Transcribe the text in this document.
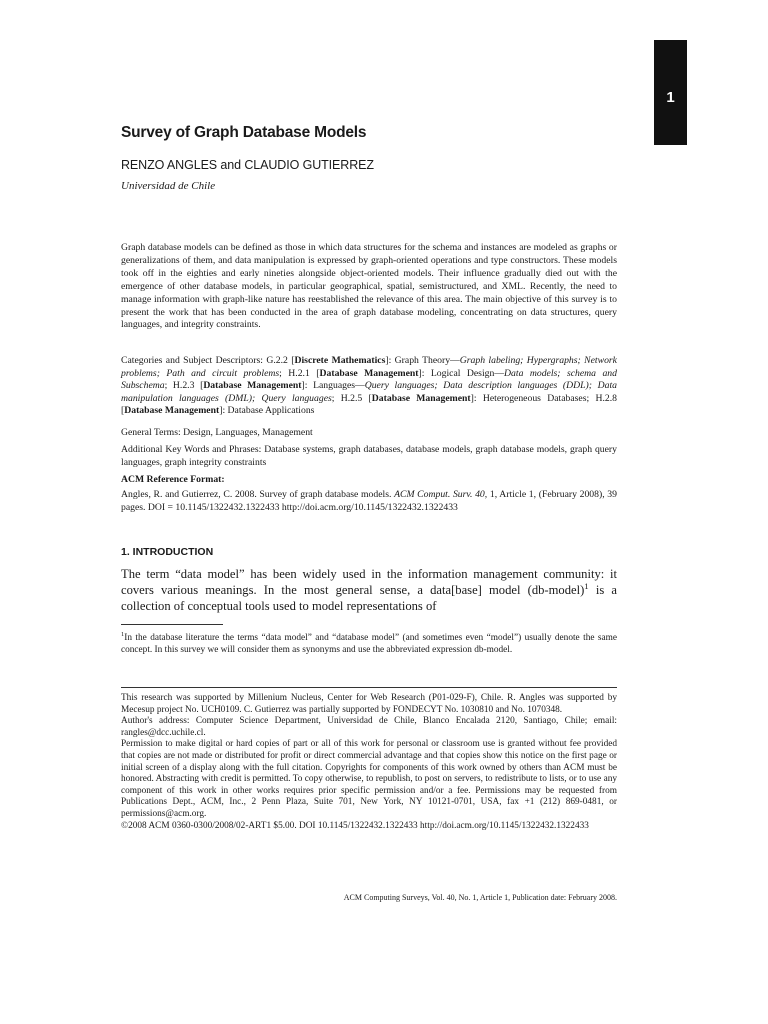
1
Survey of Graph Database Models
RENZO ANGLES and CLAUDIO GUTIERREZ
Universidad de Chile

Graph database models can be defined as those in which data structures for the schema and instances are modeled as graphs or generalizations of them, and data manipulation is expressed by graph-oriented operations and type constructors. These models took off in the eighties and early nineties alongside object-oriented models. Their influence gradually died out with the emergence of other database models, in particular geographical, spatial, semistructured, and XML. Recently, the need to manage information with graph-like nature has reestablished the relevance of this area. The main objective of this survey is to present the work that has been conducted in the area of graph database modeling, concentrating on data structures, query languages, and integrity constraints.

Categories and Subject Descriptors: G.2.2 [Discrete Mathematics]: Graph Theory—Graph labeling; Hypergraphs; Network problems; Path and circuit problems; H.2.1 [Database Management]: Logical Design—Data models; schema and Subschema; H.2.3 [Database Management]: Languages—Query languages; Data description languages (DDL); Data manipulation languages (DML); Query languages; H.2.5 [Database Management]: Heterogeneous Databases; H.2.8 [Database Management]: Database Applications

General Terms: Design, Languages, Management

Additional Key Words and Phrases: Database systems, graph databases, database models, graph database models, graph query languages, graph integrity constraints

ACM Reference Format:

Angles, R. and Gutierrez, C. 2008. Survey of graph database models. ACM Comput. Surv. 40, 1, Article 1, (February 2008), 39 pages. DOI = 10.1145/1322432.1322433 http://doi.acm.org/10.1145/1322432.1322433

1. INTRODUCTION

The term “data model” has been widely used in the information management community: it covers various meanings. In the most general sense, a data[base] model (db-model)$^1$ is a collection of conceptual tools used to model representations of

$^1$In the database literature the terms “data model” and “database model” (and sometimes even “model”) usually denote the same concept. In this survey we will consider them as synonyms and use the abbreviated expression db-model.

This research was supported by Millenium Nucleus, Center for Web Research (P01-029-F), Chile. R. Angles was supported by Mecesup project No. UCH0109. C. Gutierrez was partially supported by FONDECYT No. 1030810 and No. 1070348.
Author's address: Computer Science Department, Universidad de Chile, Blanco Encalada 2120, Santiago, Chile; email: rangles@dcc.uchile.cl.
Permission to make digital or hard copies of part or all of this work for personal or classroom use is granted without fee provided that copies are not made or distributed for profit or direct commercial advantage and that copies show this notice on the first page or initial screen of a display along with the full citation. Copyrights for components of this work owned by others than ACM must be honored. Abstracting with credit is permitted. To copy otherwise, to republish, to post on servers, to redistribute to lists, or to use any component of this work in other works requires prior specific permission and/or a fee. Permissions may be requested from Publications Dept., ACM, Inc., 2 Penn Plaza, Suite 701, New York, NY 10121-0701, USA, fax +1 (212) 869-0481, or permissions@acm.org.
©2008 ACM 0360-0300/2008/02-ART1 $5.00. DOI 10.1145/1322432.1322433 http://doi.acm.org/10.1145/1322432.1322433
ACM Computing Surveys, Vol. 40, No. 1, Article 1, Publication date: February 2008.
